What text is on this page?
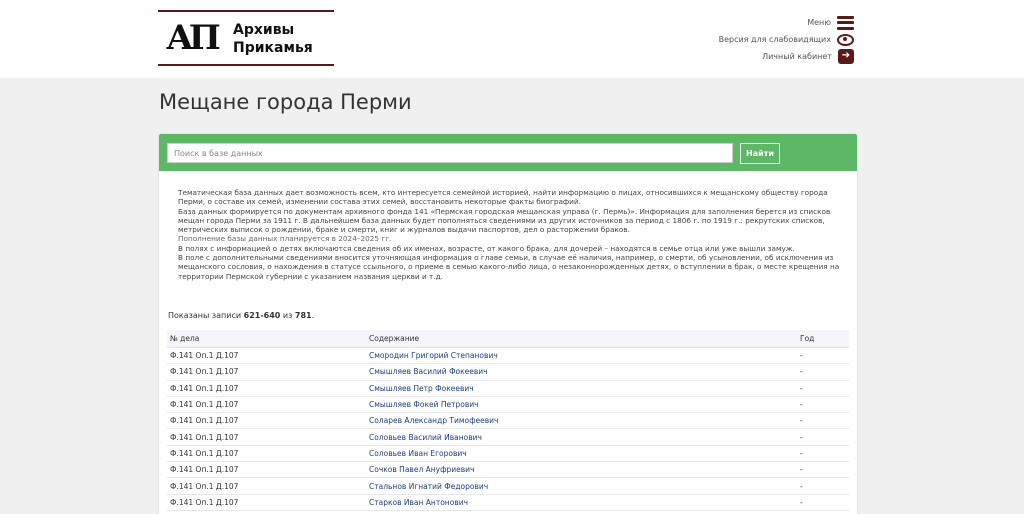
АП Архивы
Прикамья
Меню
Версия для слабовидящих
Личный кабинет ➔
Мещане города Перми
Поиск в базе данных
Найти

Тематическая база данных дает возможность всем, кто интересуется семейной историей, найти информацию о лицах, относившихся к мещанскому обществу города Перми, о составе их семей, изменении состава этих семей, восстановить некоторые факты биографий.

База данных формируется по документам архивного фонда 141 «Пермская городская мещанская управа (г. Пермь)». Информация для заполнения берется из списков мещан города Перми за 1911 г. В дальнейшем база данных будет пополняться сведениями из других источников за период с 1806 г. по 1919 г.: рекрутских списков, метрических выписок о рождении, браке и смерти, книг и журналов выдачи паспортов, дел о расторжении браков.

Пополнение базы данных планируется в 2024–2025 гг.

В полях с информацией о детях включаются сведения об их именах, возрасте, от какого брака, для дочерей – находятся в семье отца или уже вышли замуж.

В поле с дополнительными сведениями вносится уточняющая информация о главе семьи, в случае её наличия, например, о смерти, об усыновлении, об исключения из мещанского сословия, о нахождения в статусе ссыльного, о приеме в семью какого-либо лица, о незаконнорожденных детях, о вступлении в брак, о месте крещения на территории Пермской губернии с указанием названия церкви и т.д.

Показаны записи 621-640 из 781.
№ дела	Содержание	Год
Ф.141 Оп.1 Д.107	Смородин Григорий Степанович	-
Ф.141 Оп.1 Д.107	Смышляев Василий Фокеевич	-
Ф.141 Оп.1 Д.107	Смышляев Петр Фокеевич	-
Ф.141 Оп.1 Д.107	Смышляев Фокей Петрович	-
Ф.141 Оп.1 Д.107	Соларев Александр Тимофеевич	-
Ф.141 Оп.1 Д.107	Соловьев Василий Иванович	-
Ф.141 Оп.1 Д.107	Соловьев Иван Егорович	-
Ф.141 Оп.1 Д.107	Сочков Павел Ануфриевич	-
Ф.141 Оп.1 Д.107	Стальнов Игнатий Федорович	-
Ф.141 Оп.1 Д.107	Старков Иван Антонович	-
